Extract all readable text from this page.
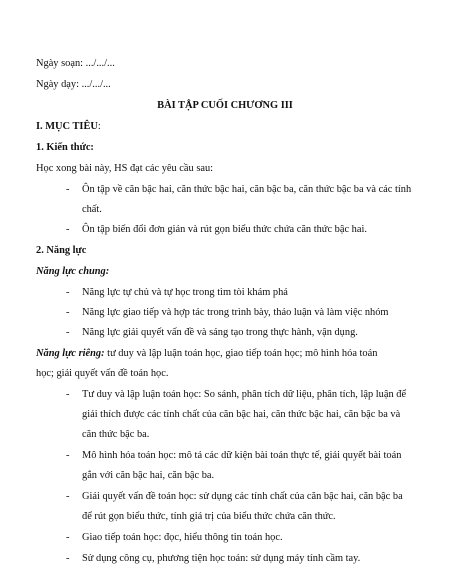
Ngày soạn: .../.../...
Ngày dạy: .../.../...
BÀI TẬP CUỐI CHƯƠNG III
I. MỤC TIÊU:
1. Kiến thức:
Học xong bài này, HS đạt các yêu cầu sau:
- Ôn tập về căn bậc hai, căn thức bậc hai, căn bậc ba, căn thức bậc ba và các tính
chất.
- Ôn tập biến đổi đơn giản và rút gọn biểu thức chứa căn thức bậc hai.
2. Năng lực
Năng lực chung:
- Năng lực tự chủ và tự học trong tìm tòi khám phá
- Năng lực giao tiếp và hợp tác trong trình bày, thảo luận và làm việc nhóm
- Năng lực giải quyết vấn đề và sáng tạo trong thực hành, vận dụng.
Năng lực riêng: tư duy và lập luận toán học, giao tiếp toán học; mô hình hóa toán
học; giải quyết vấn đề toán học.
- Tư duy và lập luận toán học: So sánh, phân tích dữ liệu, phân tích, lập luận để
giải thích được các tính chất của căn bậc hai, căn thức bậc hai, căn bậc ba và
căn thức bậc ba.
- Mô hình hóa toán học: mô tả các dữ kiện bài toán thực tế, giải quyết bài toán
gắn với căn bậc hai, căn bậc ba.
- Giải quyết vấn đề toán học: sử dụng các tính chất của căn bậc hai, căn bậc ba
để rút gọn biểu thức, tính giá trị của biểu thức chứa căn thức.
- Giao tiếp toán học: đọc, hiểu thông tin toán học.
- Sử dụng công cụ, phương tiện học toán: sử dụng máy tính cầm tay.
